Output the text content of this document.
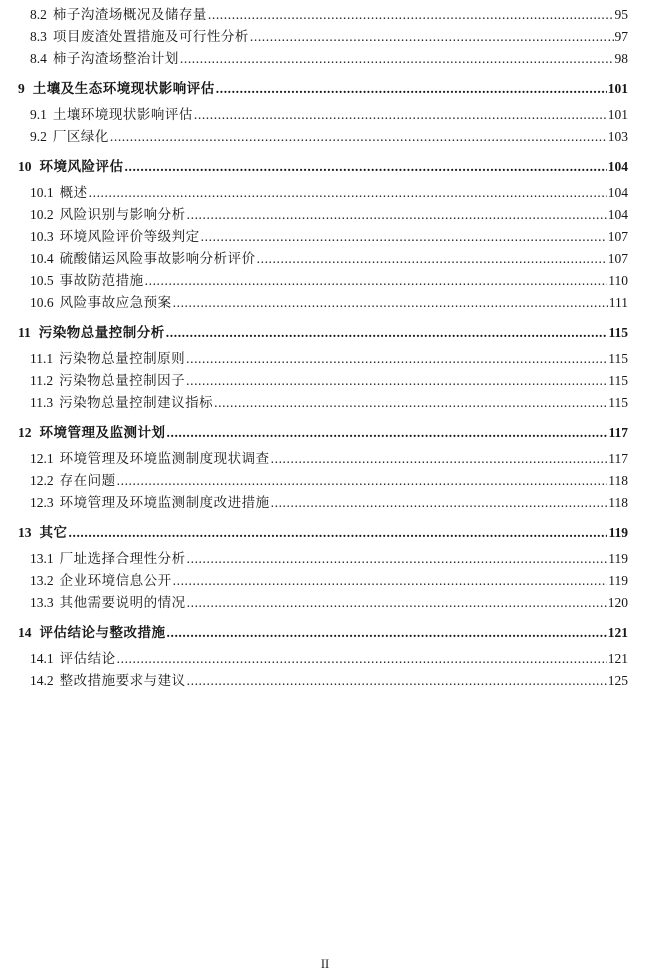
8.2 柿子沟渣场概况及储存量 .....	95
8.3 项目废渣处置措施及可行性分析 .....	97
8.4 柿子沟渣场整治计划 .....	98
9 土壤及生态环境现状影响评估 .....	101
9.1 土壤环境现状影响评估 .....	101
9.2 厂区绿化 .....	103
10 环境风险评估 .....	104
10.1 概述 .....	104
10.2 风险识别与影响分析 .....	104
10.3 环境风险评价等级判定 .....	107
10.4 硫酸储运风险事故影响分析评价 .....	107
10.5 事故防范措施 .....	110
10.6 风险事故应急预案 .....	111
11 污染物总量控制分析 .....	115
11.1 污染物总量控制原则 .....	115
11.2 污染物总量控制因子 .....	115
11.3 污染物总量控制建议指标 .....	115
12 环境管理及监测计划 .....	117
12.1 环境管理及环境监测制度现状调查 .....	117
12.2 存在问题 .....	118
12.3 环境管理及环境监测制度改进措施 .....	118
13 其它 .....	119
13.1 厂址选择合理性分析 .....	119
13.2 企业环境信息公开 .....	119
13.3 其他需要说明的情况 .....	120
14 评估结论与整改措施 .....	121
14.1 评估结论 .....	121
14.2 整改措施要求与建议 .....	125
II
